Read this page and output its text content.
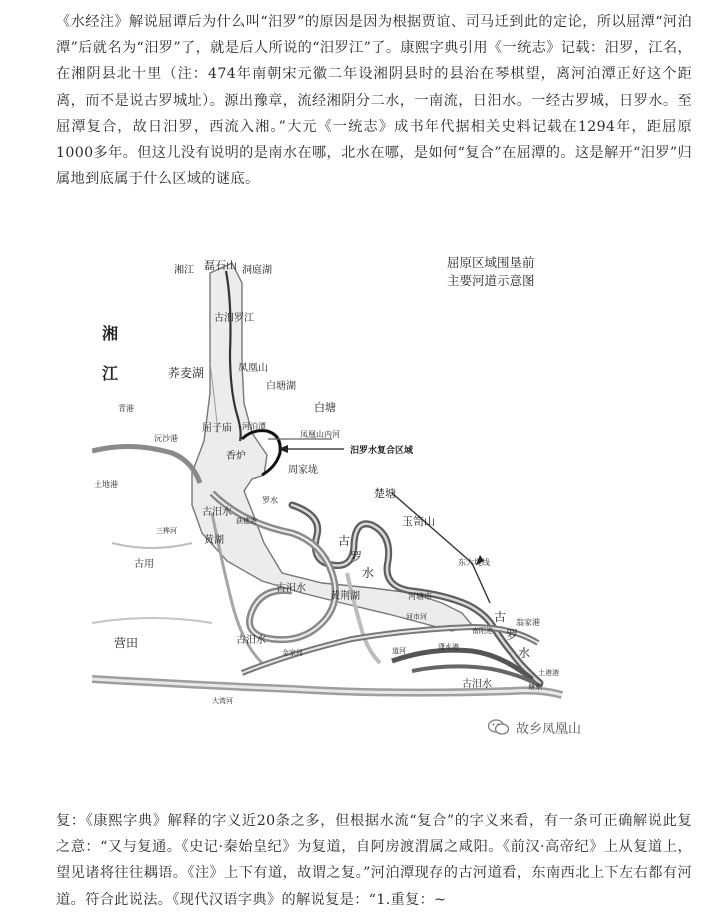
《水经注》解说屈谭后为什么叫“汨罗”的原因是因为根据贾谊、司马迁到此的定论，所以屈潭“河泊潭”后就名为“汨罗”了，就是后人所说的“汨罗江”了。康熙字典引用《一统志》记载：汨罗，江名，在湘阴县北十里（注：474年南朝宋元徽二年设湘阴县时的县治在琴棋望，离河泊潭正好这个距离，而不是说古罗城址）。源出豫章，流经湘阴分二水，一南流，日汨水。一经古罗城，日罗水。至屈潭复合，故日汨罗，西流入湘。”大元《一统志》成书年代据相关史料记载在1294年，距屈原1000多年。但这儿没有说明的是南水在哪，北水在哪，是如何“复合”在屈潭的。这是解开“汨罗”归属地到底属于什么区域的谜底。

屈原区域围垦前
主要河道示意图
磊石山
湘江	洞庭湖
湘
江	荞麦湖
古汨罗江
凤凰山
白塘湖
白塘
青港
屈子庙 河泊潭
凤凰山内河
汨罗水复合区域
沅沙港
香炉
周家垅
土地港
楚塘
古汨水
黄湖
三桦河
罗水
荻穗港
古
罗
水
玉笥山
东大堤线
古用
古汨水
黄荆湖	河塘市
河市河
南阳港
翁家港
古
罗
水
营田	古汨水
金家河	道河	潇水港
古汨水
大湾河
土港港
塘东
故乡凤凰山

复：《康熙字典》解释的字义近20条之多，但根据水流“复合”的字义来看，有一条可正确解说此复之意：“又与复通。《史记·秦始皇纪》为复道，自阿房渡渭属之咸阳。《前汉·高帝纪》上从复道上，望见诸将往往耦语。《注》上下有道，故谓之复。”河泊潭现存的古河道看，东南西北上下左右都有河道。符合此说法。《现代汉语字典》的解说复是：“1.重复：~
